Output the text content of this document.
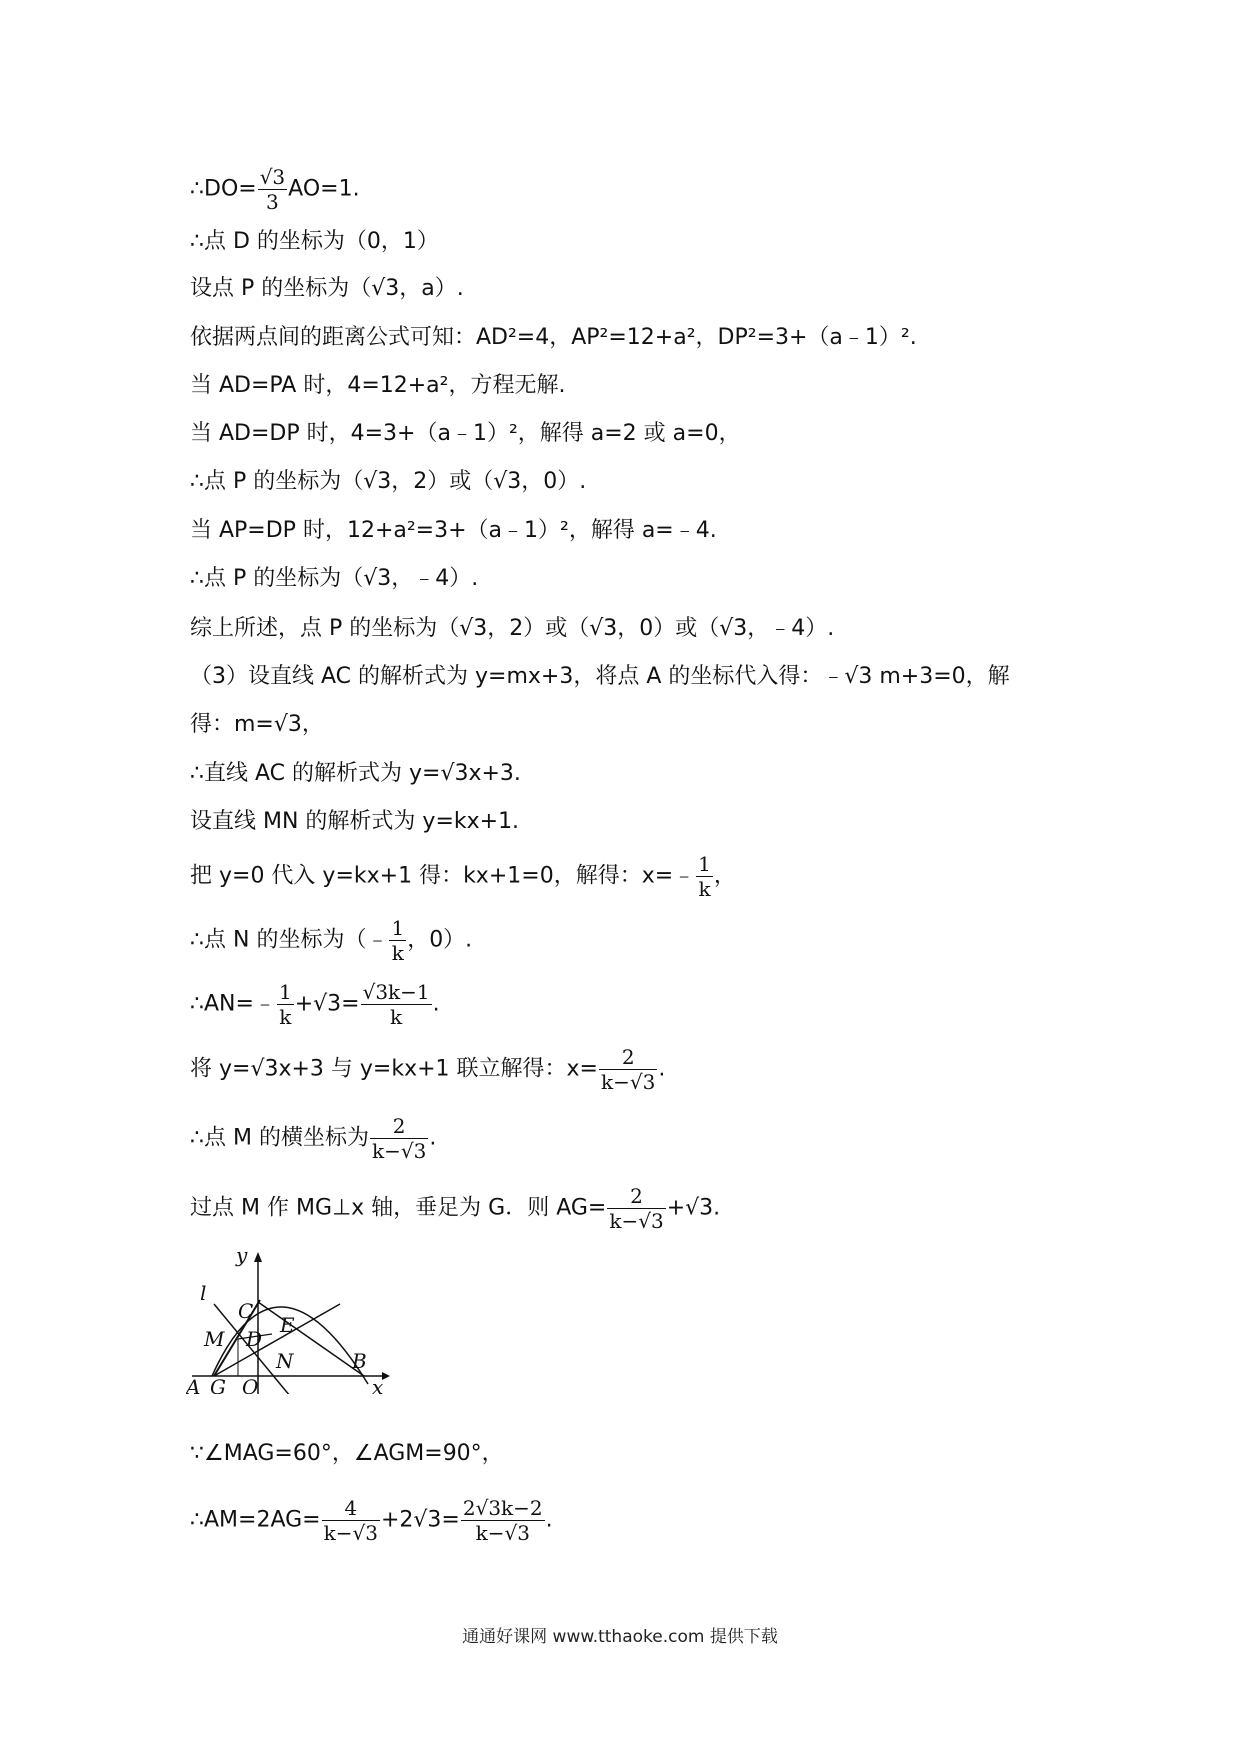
∴DO= $\frac{√3}{3} AO=1$.
∴点 D 的坐标为（0，1）
设点 P 的坐标为（√3，a）.
依据两点间的距离公式可知：AD²=4，AP²=12+a²，DP²=3+（a﹣1）².
当 AD=PA 时，4=12+a²，方程无解.
当 AD=DP 时，4=3+（a﹣1）²，解得 a=2 或 a=0，
∴点 P 的坐标为（√3，2）或（√3，0）.
当 AP=DP 时，12+a²=3+（a﹣1）²，解得 a=﹣4.
∴点 P 的坐标为（√3，﹣4）.
综上所述，点 P 的坐标为（√3，2）或（√3，0）或（√3，﹣4）.
（3）设直线 AC 的解析式为 y=mx+3，将点 A 的坐标代入得：﹣√3 m+3=0，解
得：m=√3，
∴直线 AC 的解析式为 y=√3x+3.
设直线 MN 的解析式为 y=kx+1.
把 y=0 代入 y=kx+1 得：kx+1=0，解得：x=﹣ $\frac{1}{k}$ ，
∴点 N 的坐标为（﹣ $\frac{1}{k}$ ，0）.
∴AN=﹣ $\frac{1}{k} +√3= \frac{√3k-1}{k}$ .
将 y=√3x+3 与 y=kx+1 联立解得：$x= \frac{2}{k-√3}$ .
∴点 M 的横坐标为 $\frac{2}{k-√3}$ .
过点 M 作 MG⊥x 轴，垂足为 G．则 $AG= \frac{2}{k-√3} +√3$.
y
x
l
C
M D
E
N	B
A G O
∵∠MAG=60°，∠AGM=90°，
∴AM=2AG= $\frac{4}{k-√3} +2√3= \frac{2√3k-2}{k-√3}$ .
通通好课网 www.tthaoke.com 提供下载
